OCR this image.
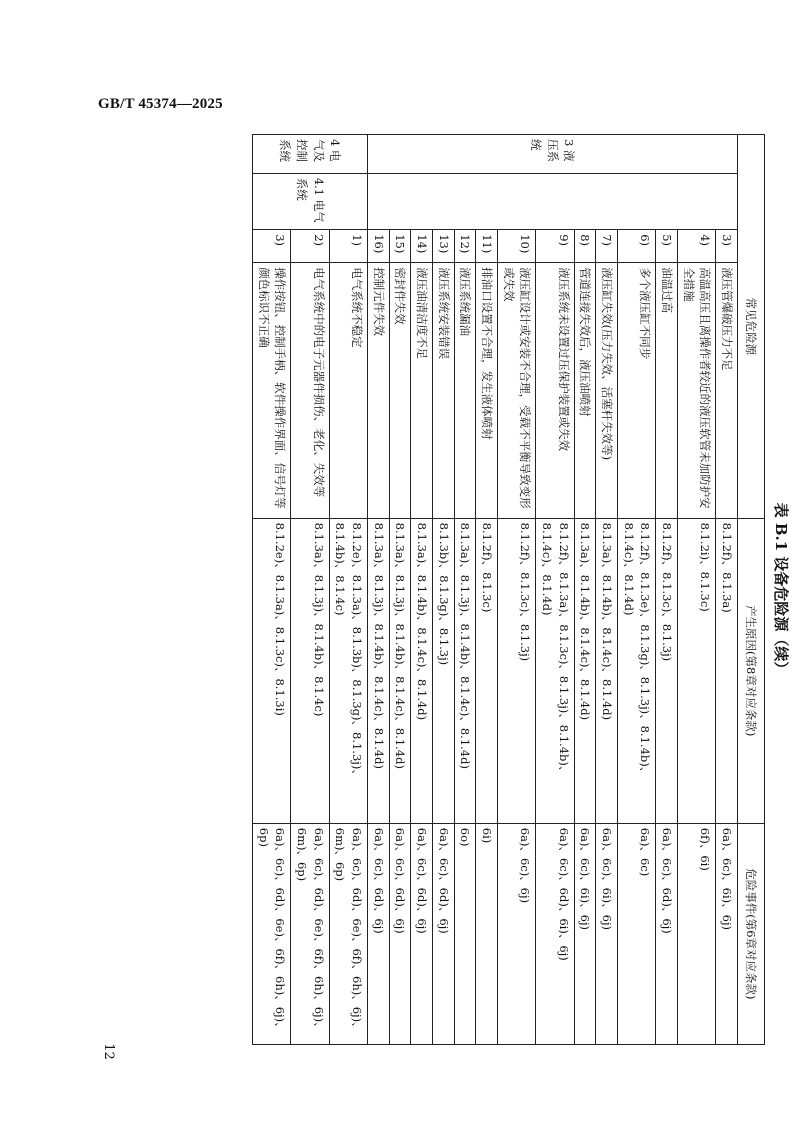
GB/T 45374—2025
12
表 B.1 设备危险源（续）
常见危险源				产生原因(第8章对应条款)	危险事件(第6章对应条款)
3 液压系统		3)	液压管爆破压力不足	8.1.2f)、8.1.3a)	6a)、6c)、6i)、6j)
		4)	高温高压且离操作者较近的液压软管未加防护安全措施	8.1.2i)、8.1.3c)	6f)、6i)
		5)	油温过高	8.1.2f)、8.1.3c)、8.1.3j)	6a)、6c)、6d)、6j)
		6)	多个液压缸不同步	8.1.2f)、8.1.3e)、8.1.3g)、8.1.3j)、8.1.4b)、8.1.4c)、8.1.4d)	6a)、6c)
		7)	液压缸失效(压力失效、活塞杆失效等)	8.1.3a)、8.1.4b)、8.1.4c)、8.1.4d)	6a)、6c)、6i)、6j)
		8)	管道连接失效后，液压油喷射	8.1.3a)、8.1.4b)、8.1.4c)、8.1.4d)	6a)、6c)、6i)、6j)
		9)	液压系统未设置过压保护装置或失效	8.1.2f)、8.1.3a)、8.1.3c)、8.1.3j)、8.1.4b)、8.1.4c)、8.1.4d)	6a)、6c)、6d)、6i)、6j)
		10)	液压缸设计或安装不合理，受载不平衡导致变形或失效	8.1.2f)、8.1.3c)、8.1.3j)	6a)、6c)、6j)
		11)	排油口设置不合理，发生液体喷射	8.1.2f)、8.1.3c)	6i)
		12)	液压系统漏油	8.1.3a)、8.1.3j)、8.1.4b)、8.1.4c)、8.1.4d)	6o)
		13)	液压系统安装错误	8.1.3b)、8.1.3g)、8.1.3j)	6a)、6c)、6d)、6j)
		14)	液压油清洁度不足	8.1.3a)、8.1.4b)、8.1.4c)、8.1.4d)	6a)、6c)、6d)、6j)
		15)	密封件失效	8.1.3a)、8.1.3j)、8.1.4b)、8.1.4c)、8.1.4d)	6a)、6c)、6d)、6j)
		16)	控制元件失效	8.1.3a)、8.1.3j)、8.1.4b)、8.1.4c)、8.1.4d)	6a)、6c)、6d)、6j)
4 电气及控制系统	4.1 电气系统	1)	电气系统不稳定	8.1.2e)、8.1.3a)、8.1.3b)、8.1.3g)、8.1.3j)、8.1.4b)、8.1.4c)	6a)、6c)、6d)、6e)、6f)、6h)、6j)、6m)、6p)
		2)	电气系统中的电子元器件损伤、老化、失效等	8.1.3a)、8.1.3j)、8.1.4b)、8.1.4c)	6a)、6c)、6d)、6e)、6f)、6h)、6j)、6m)、6p)
		3)	操作按钮、控制手柄、软件操作界面、信号灯等颜色标识不正确	8.1.2e)、8.1.3a)、8.1.3c)、8.1.3i)	6a)、6c)、6d)、6e)、6f)、6h)、6j)、6p)
